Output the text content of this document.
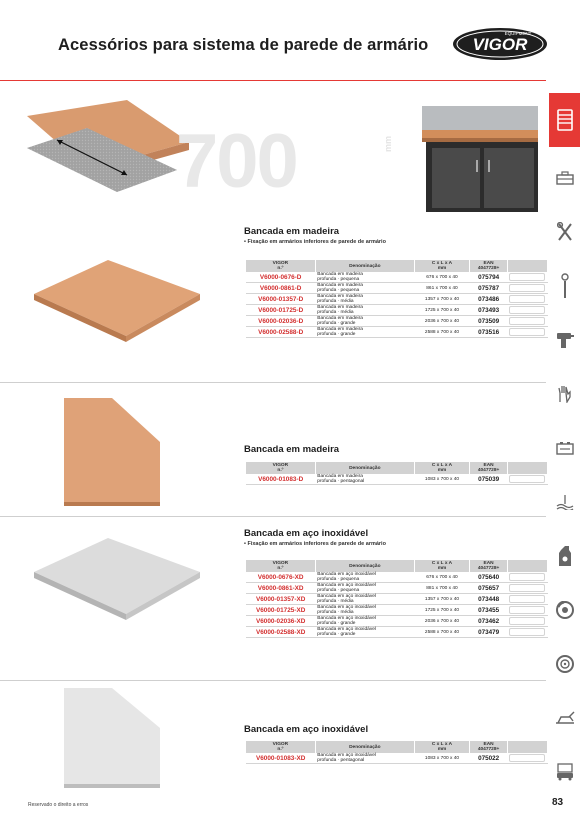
Acessórios para sistema de parede de armário	VIGOR
EQUIPMENT
700	mm
Bancada em madeira
• Fixação em armários inferiores de parede de armário
VIGOR
n.º	Denominação	C x L x A
mm	EAN
4047728+	
V6000-0676-D	Bancada em madeira
profunda · pequena	676 x 700 x 40	075794	

V6000-0861-D	Bancada em madeira
profunda · pequena	861 x 700 x 40	075787	

V6000-01357-D	Bancada em madeira
profunda · média	1357 x 700 x 40	073486	

V6000-01725-D	Bancada em madeira
profunda · média	1725 x 700 x 40	073493	

V6000-02036-D	Bancada em madeira
profunda · grande	2036 x 700 x 40	073509	

V6000-02588-D	Bancada em madeira
profunda · grande	2588 x 700 x 40	073516	
Bancada em madeira
VIGOR
n.º	Denominação	C x L x A
mm	EAN
4047728+	
V6000-01083-D	Bancada em madeira
profunda · pentagonal	1083 x 700 x 40	075039	
Bancada em aço inoxidável
• Fixação em armários inferiores de parede de armário
VIGOR
n.º	Denominação	C x L x A
mm	EAN
4047728+	
V6000-0676-XD	Bancada em aço inoxidável
profunda · pequena	676 x 700 x 40	075640	

V6000-0861-XD	Bancada em aço inoxidável
profunda · pequena	881 x 700 x 40	075657	

V6000-01357-XD	Bancada em aço inoxidável
profunda · média	1357 x 700 x 40	073448	

V6000-01725-XD	Bancada em aço inoxidável
profunda · média	1725 x 700 x 40	073455	

V6000-02036-XD	Bancada em aço inoxidável
profunda · grande	2036 x 700 x 40	073462	

V6000-02588-XD	Bancada em aço inoxidável
profunda · grande	2588 x 700 x 40	073479	
Bancada em aço inoxidável
VIGOR
n.º	Denominação	C x L x A
mm	EAN
4047728+	
V6000-01083-XD	Bancada em aço inoxidável
profunda · pentagonal	1083 x 700 x 40	075022	
Reservado o direito a erros	83
